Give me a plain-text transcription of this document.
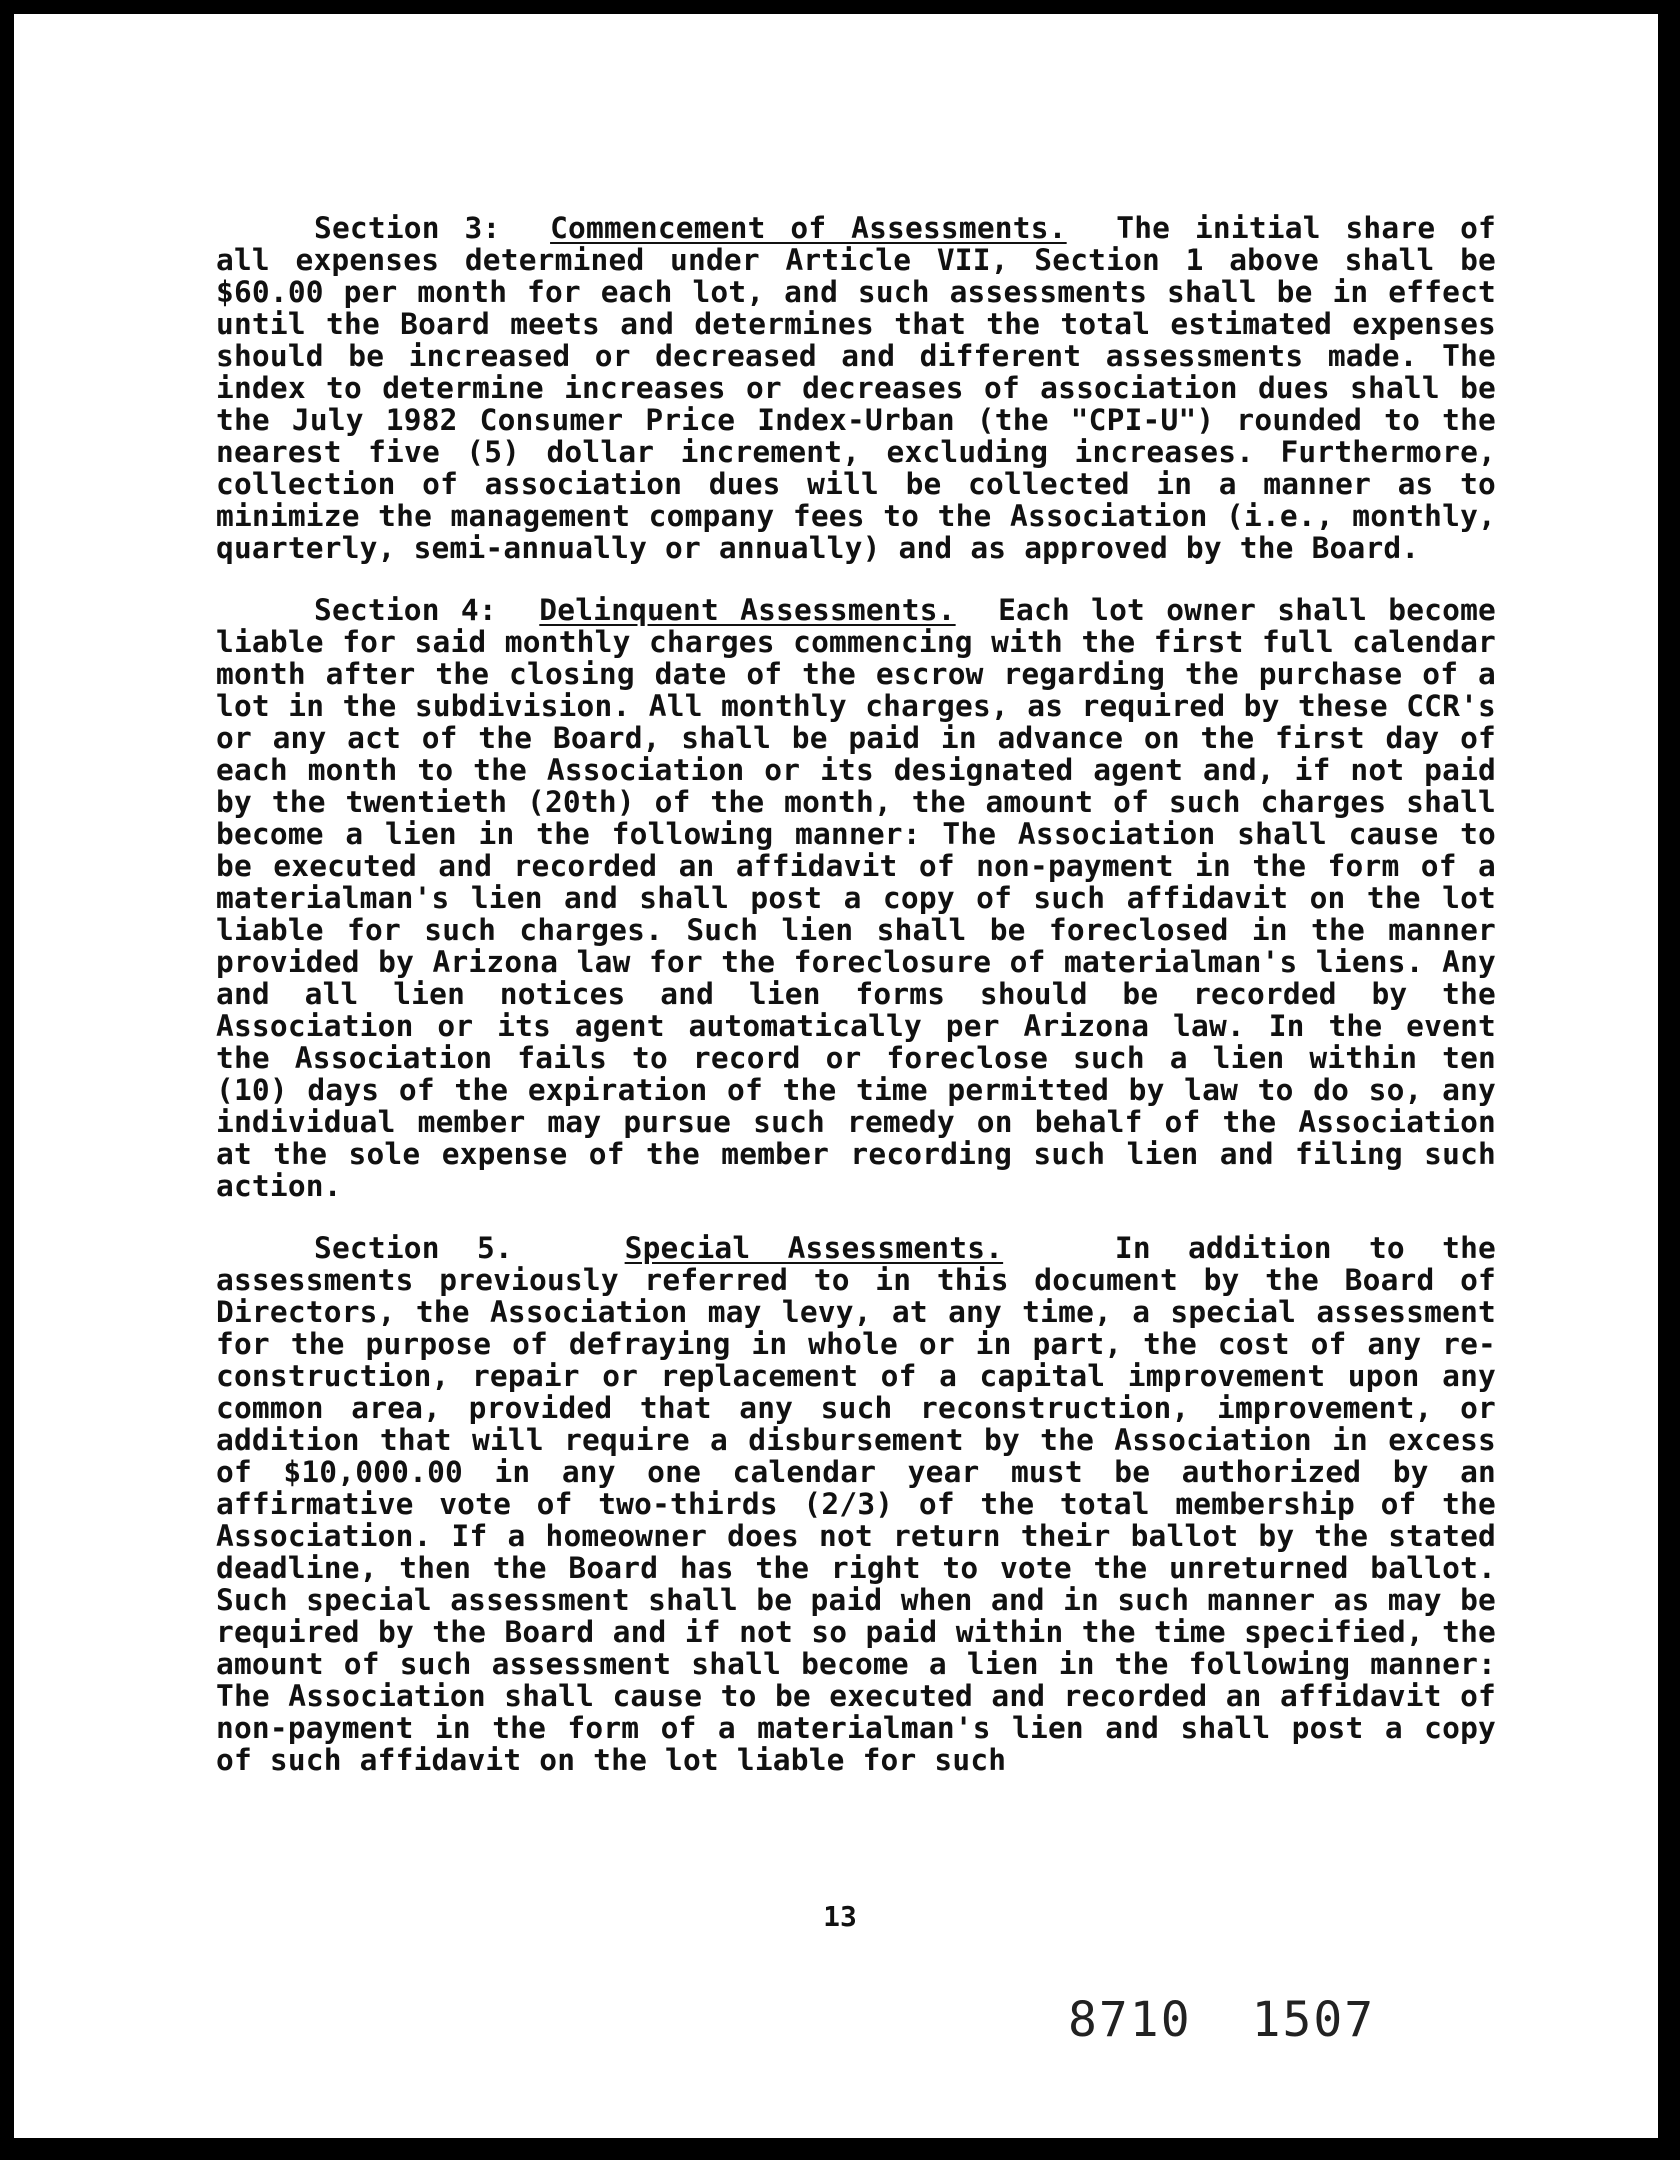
Section 3: Commencement of Assessments. The initial share of all expenses determined under Article VII, Section 1 above shall be $60.00 per month for each lot, and such assessments shall be in effect until the Board meets and determines that the total estimated expenses should be increased or decreased and different assessments made. The index to determine increases or decreases of association dues shall be the July 1982 Consumer Price Index-Urban (the "CPI-U") rounded to the nearest five (5) dollar increment, excluding increases. Furthermore, collection of association dues will be collected in a manner as to minimize the management company fees to the Association (i.e., monthly, quarterly, semi-annually or annually) and as approved by the Board.

Section 4: Delinquent Assessments. Each lot owner shall become liable for said monthly charges commencing with the first full calendar month after the closing date of the escrow regarding the purchase of a lot in the subdivision. All monthly charges, as required by these CCR's or any act of the Board, shall be paid in advance on the first day of each month to the Association or its designated agent and, if not paid by the twentieth (20th) of the month, the amount of such charges shall become a lien in the following manner: The Association shall cause to be executed and recorded an affidavit of non-payment in the form of a materialman's lien and shall post a copy of such affidavit on the lot liable for such charges. Such lien shall be foreclosed in the manner provided by Arizona law for the foreclosure of materialman's liens. Any and all lien notices and lien forms should be recorded by the Association or its agent automatically per Arizona law. In the event the Association fails to record or foreclose such a lien within ten (10) days of the expiration of the time permitted by law to do so, any individual member may pursue such remedy on behalf of the Association at the sole expense of the member recording such lien and filing such action.

Section 5.	Special Assessments.	In addition to the assessments previously referred to in this document by the Board of Directors, the Association may levy, at any time, a special assessment for the purpose of defraying in whole or in part, the cost of any re-construction, repair or replacement of a capital improvement upon any common area, provided that any such reconstruction, improvement, or addition that will require a disbursement by the Association in excess of $10,000.00 in any one calendar year must be authorized by an affirmative vote of two-thirds (2/3) of the total membership of the Association. If a homeowner does not return their ballot by the stated deadline, then the Board has the right to vote the unreturned ballot. Such special assessment shall be paid when and in such manner as may be required by the Board and if not so paid within the time specified, the amount of such assessment shall become a lien in the following manner: The Association shall cause to be executed and recorded an affidavit of non-payment in the form of a materialman's lien and shall post a copy of such affidavit on the lot liable for such

13
8710 1507
